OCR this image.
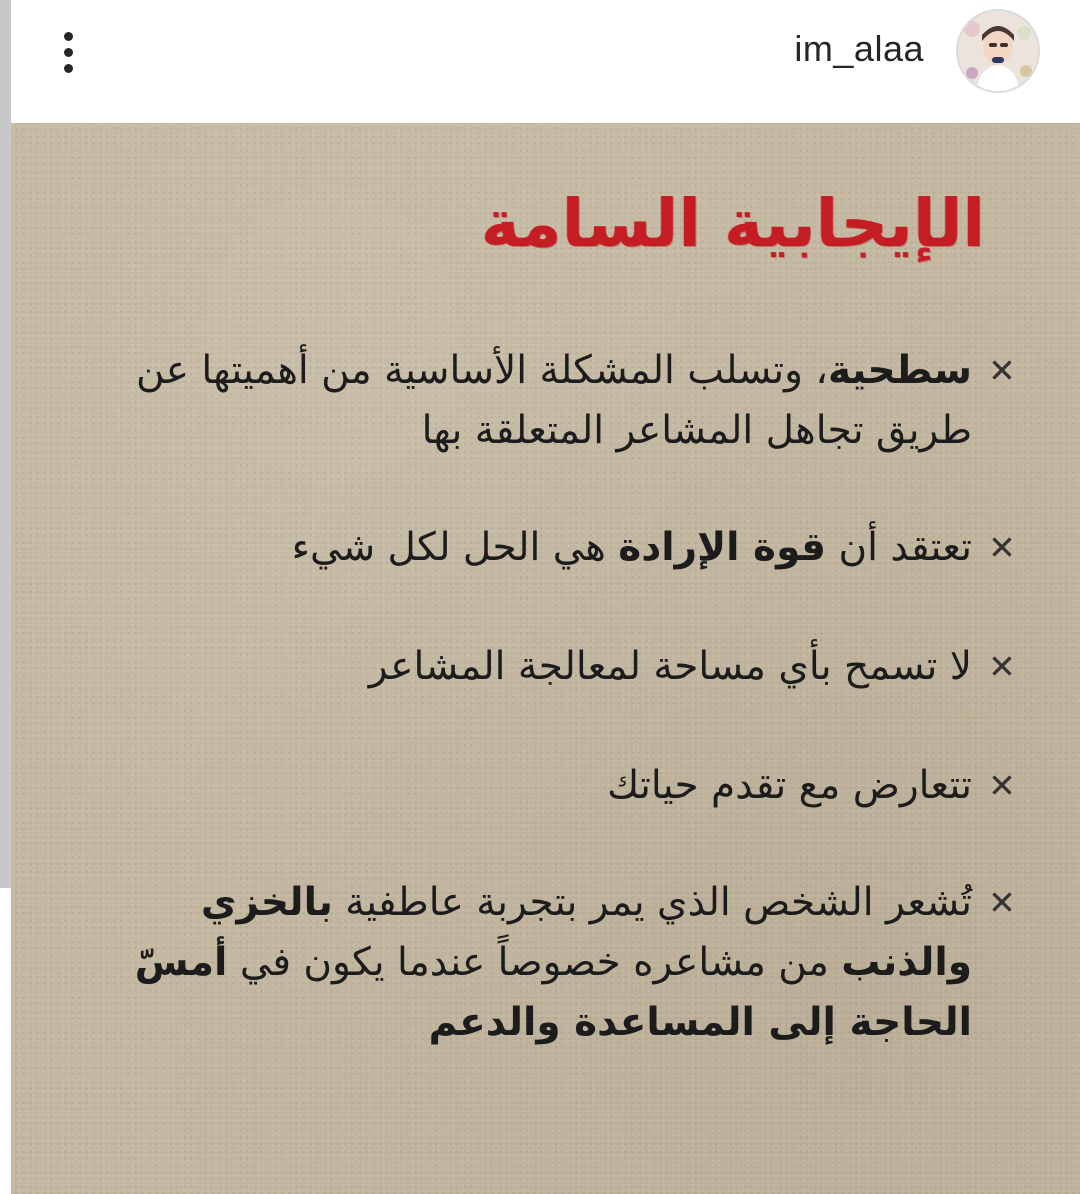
im_alaa
الإيجابية السامة
✕
سطحية، وتسلب المشكلة الأساسية من أهميتها عن طريق تجاهل المشاعر المتعلقة بها
✕
تعتقد أن قوة الإرادة هي الحل لكل شيء
✕
لا تسمح بأي مساحة لمعالجة المشاعر
✕
تتعارض مع تقدم حياتك
✕
تُشعر الشخص الذي يمر بتجربة عاطفية بالخزي والذنب من مشاعره خصوصاً عندما يكون في أمسّ الحاجة إلى المساعدة والدعم
